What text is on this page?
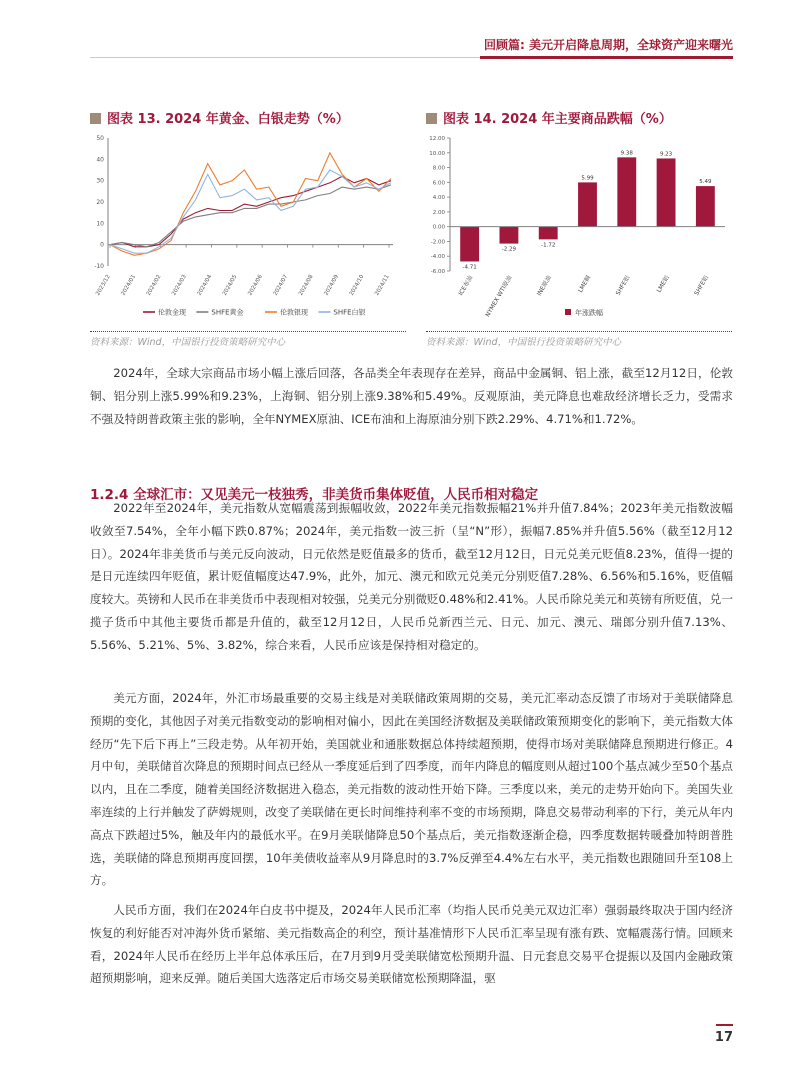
回顾篇: 美元开启降息周期，全球资产迎来曙光
图表 13. 2024 年黄金、白银走势（%）
-10
0
10
20
30
40
50
2023/12 2024/01 2024/02 2024/03 2024/04 2024/05 2024/06 2024/07 2024/08 2024/09 2024/10 2024/11
伦敦金现	SHFE黄金	伦敦银现	SHFE白银
资料来源：Wind，中国银行投资策略研究中心
图表 14. 2024 年主要商品跌幅（%）
-6.00
-4.00
-2.00
0.00
2.00
4.00
6.00
8.00
10.00
12.00
-4.71
ICE布油
-2.29
NYMEX WTI原油
-1.72
INE原油
5.99
LME铜
9.38
SHFE铝
9.23
LME铝
5.49
SHFE铝
年涨跌幅
资料来源：Wind，中国银行投资策略研究中心

2024年，全球大宗商品市场小幅上涨后回落，各品类全年表现存在差异，商品中金属铜、铝上涨，截至12月12日，伦敦铜、铝分别上涨5.99%和9.23%，上海铜、铝分别上涨9.38%和5.49%。反观原油，美元降息也难敌经济增长乏力，受需求不强及特朗普政策主张的影响，全年NYMEX原油、ICE布油和上海原油分别下跌2.29%、4.71%和1.72%。

1.2.4 全球汇市：又见美元一枝独秀，非美货币集体贬值，人民币相对稳定

2022年至2024年，美元指数从宽幅震荡到振幅收敛，2022年美元指数振幅21%并升值7.84%；2023年美元指数波幅收敛至7.54%，全年小幅下跌0.87%；2024年，美元指数一波三折（呈“N”形），振幅7.85%并升值5.56%（截至12月12日）。2024年非美货币与美元反向波动，日元依然是贬值最多的货币，截至12月12日，日元兑美元贬值8.23%，值得一提的是日元连续四年贬值，累计贬值幅度达47.9%，此外，加元、澳元和欧元兑美元分别贬值7.28%、6.56%和5.16%，贬值幅度较大。英镑和人民币在非美货币中表现相对较强，兑美元分别微贬0.48%和2.41%。人民币除兑美元和英镑有所贬值，兑一揽子货币中其他主要货币都是升值的，截至12月12日，人民币兑新西兰元、日元、加元、澳元、瑞郎分别升值7.13%、5.56%、5.21%、5%、3.82%，综合来看，人民币应该是保持相对稳定的。

美元方面，2024年，外汇市场最重要的交易主线是对美联储政策周期的交易，美元汇率动态反馈了市场对于美联储降息预期的变化，其他因子对美元指数变动的影响相对偏小，因此在美国经济数据及美联储政策预期变化的影响下，美元指数大体经历“先下后下再上”三段走势。从年初开始，美国就业和通胀数据总体持续超预期，使得市场对美联储降息预期进行修正。4月中旬，美联储首次降息的预期时间点已经从一季度延后到了四季度，而年内降息的幅度则从超过100个基点减少至50个基点以内，且在二季度，随着美国经济数据进入稳态，美元指数的波动性开始下降。三季度以来，美元的走势开始向下。美国失业率连续的上行并触发了萨姆规则，改变了美联储在更长时间维持利率不变的市场预期，降息交易带动利率的下行，美元从年内高点下跌超过5%，触及年内的最低水平。在9月美联储降息50个基点后，美元指数逐渐企稳，四季度数据转暖叠加特朗普胜选，美联储的降息预期再度回摆，10年美债收益率从9月降息时的3.7%反弹至4.4%左右水平，美元指数也跟随回升至108上方。

人民币方面，我们在2024年白皮书中提及，2024年人民币汇率（均指人民币兑美元双边汇率）强弱最终取决于国内经济恢复的利好能否对冲海外货币紧缩、美元指数高企的利空，预计基准情形下人民币汇率呈现有涨有跌、宽幅震荡行情。回顾来看，2024年人民币在经历上半年总体承压后，在7月到9月受美联储宽松预期升温、日元套息交易平仓提振以及国内金融政策超预期影响，迎来反弹。随后美国大选落定后市场交易美联储宽松预期降温，驱

17
